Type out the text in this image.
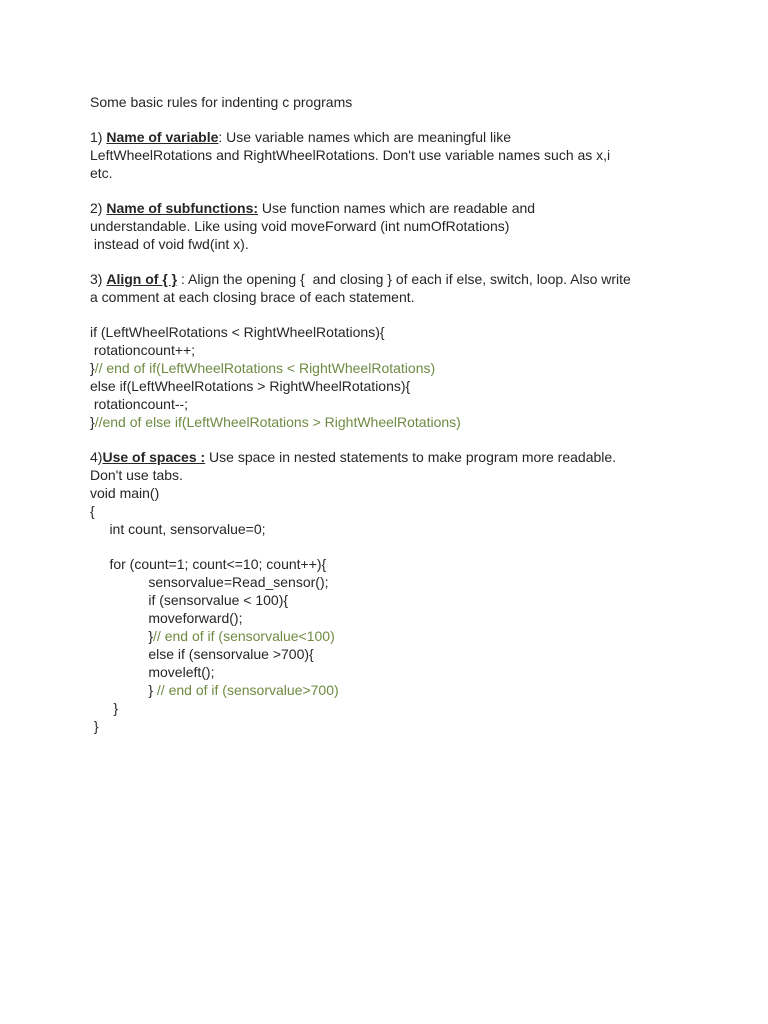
Some basic rules for indenting c programs
1) Name of variable: Use variable names which are meaningful like
LeftWheelRotations and RightWheelRotations. Don't use variable names such as x,i
etc.
2) Name of subfunctions: Use function names which are readable and
understandable. Like using void moveForward (int numOfRotations)
instead of void fwd(int x).
3) Align of { } : Align the opening {  and closing } of each if else, switch, loop. Also write
a comment at each closing brace of each statement.
if (LeftWheelRotations < RightWheelRotations){
rotationcount++;
}// end of if(LeftWheelRotations < RightWheelRotations)
else if(LeftWheelRotations > RightWheelRotations){
rotationcount--;
}//end of else if(LeftWheelRotations > RightWheelRotations)
4)Use of spaces : Use space in nested statements to make program more readable.
Don't use tabs.
void main()
{
int count, sensorvalue=0;
for (count=1; count<=10; count++){
sensorvalue=Read_sensor();
if (sensorvalue < 100){
moveforward();
}// end of if (sensorvalue<100)
else if (sensorvalue >700){
moveleft();
} // end of if (sensorvalue>700)
}
}
